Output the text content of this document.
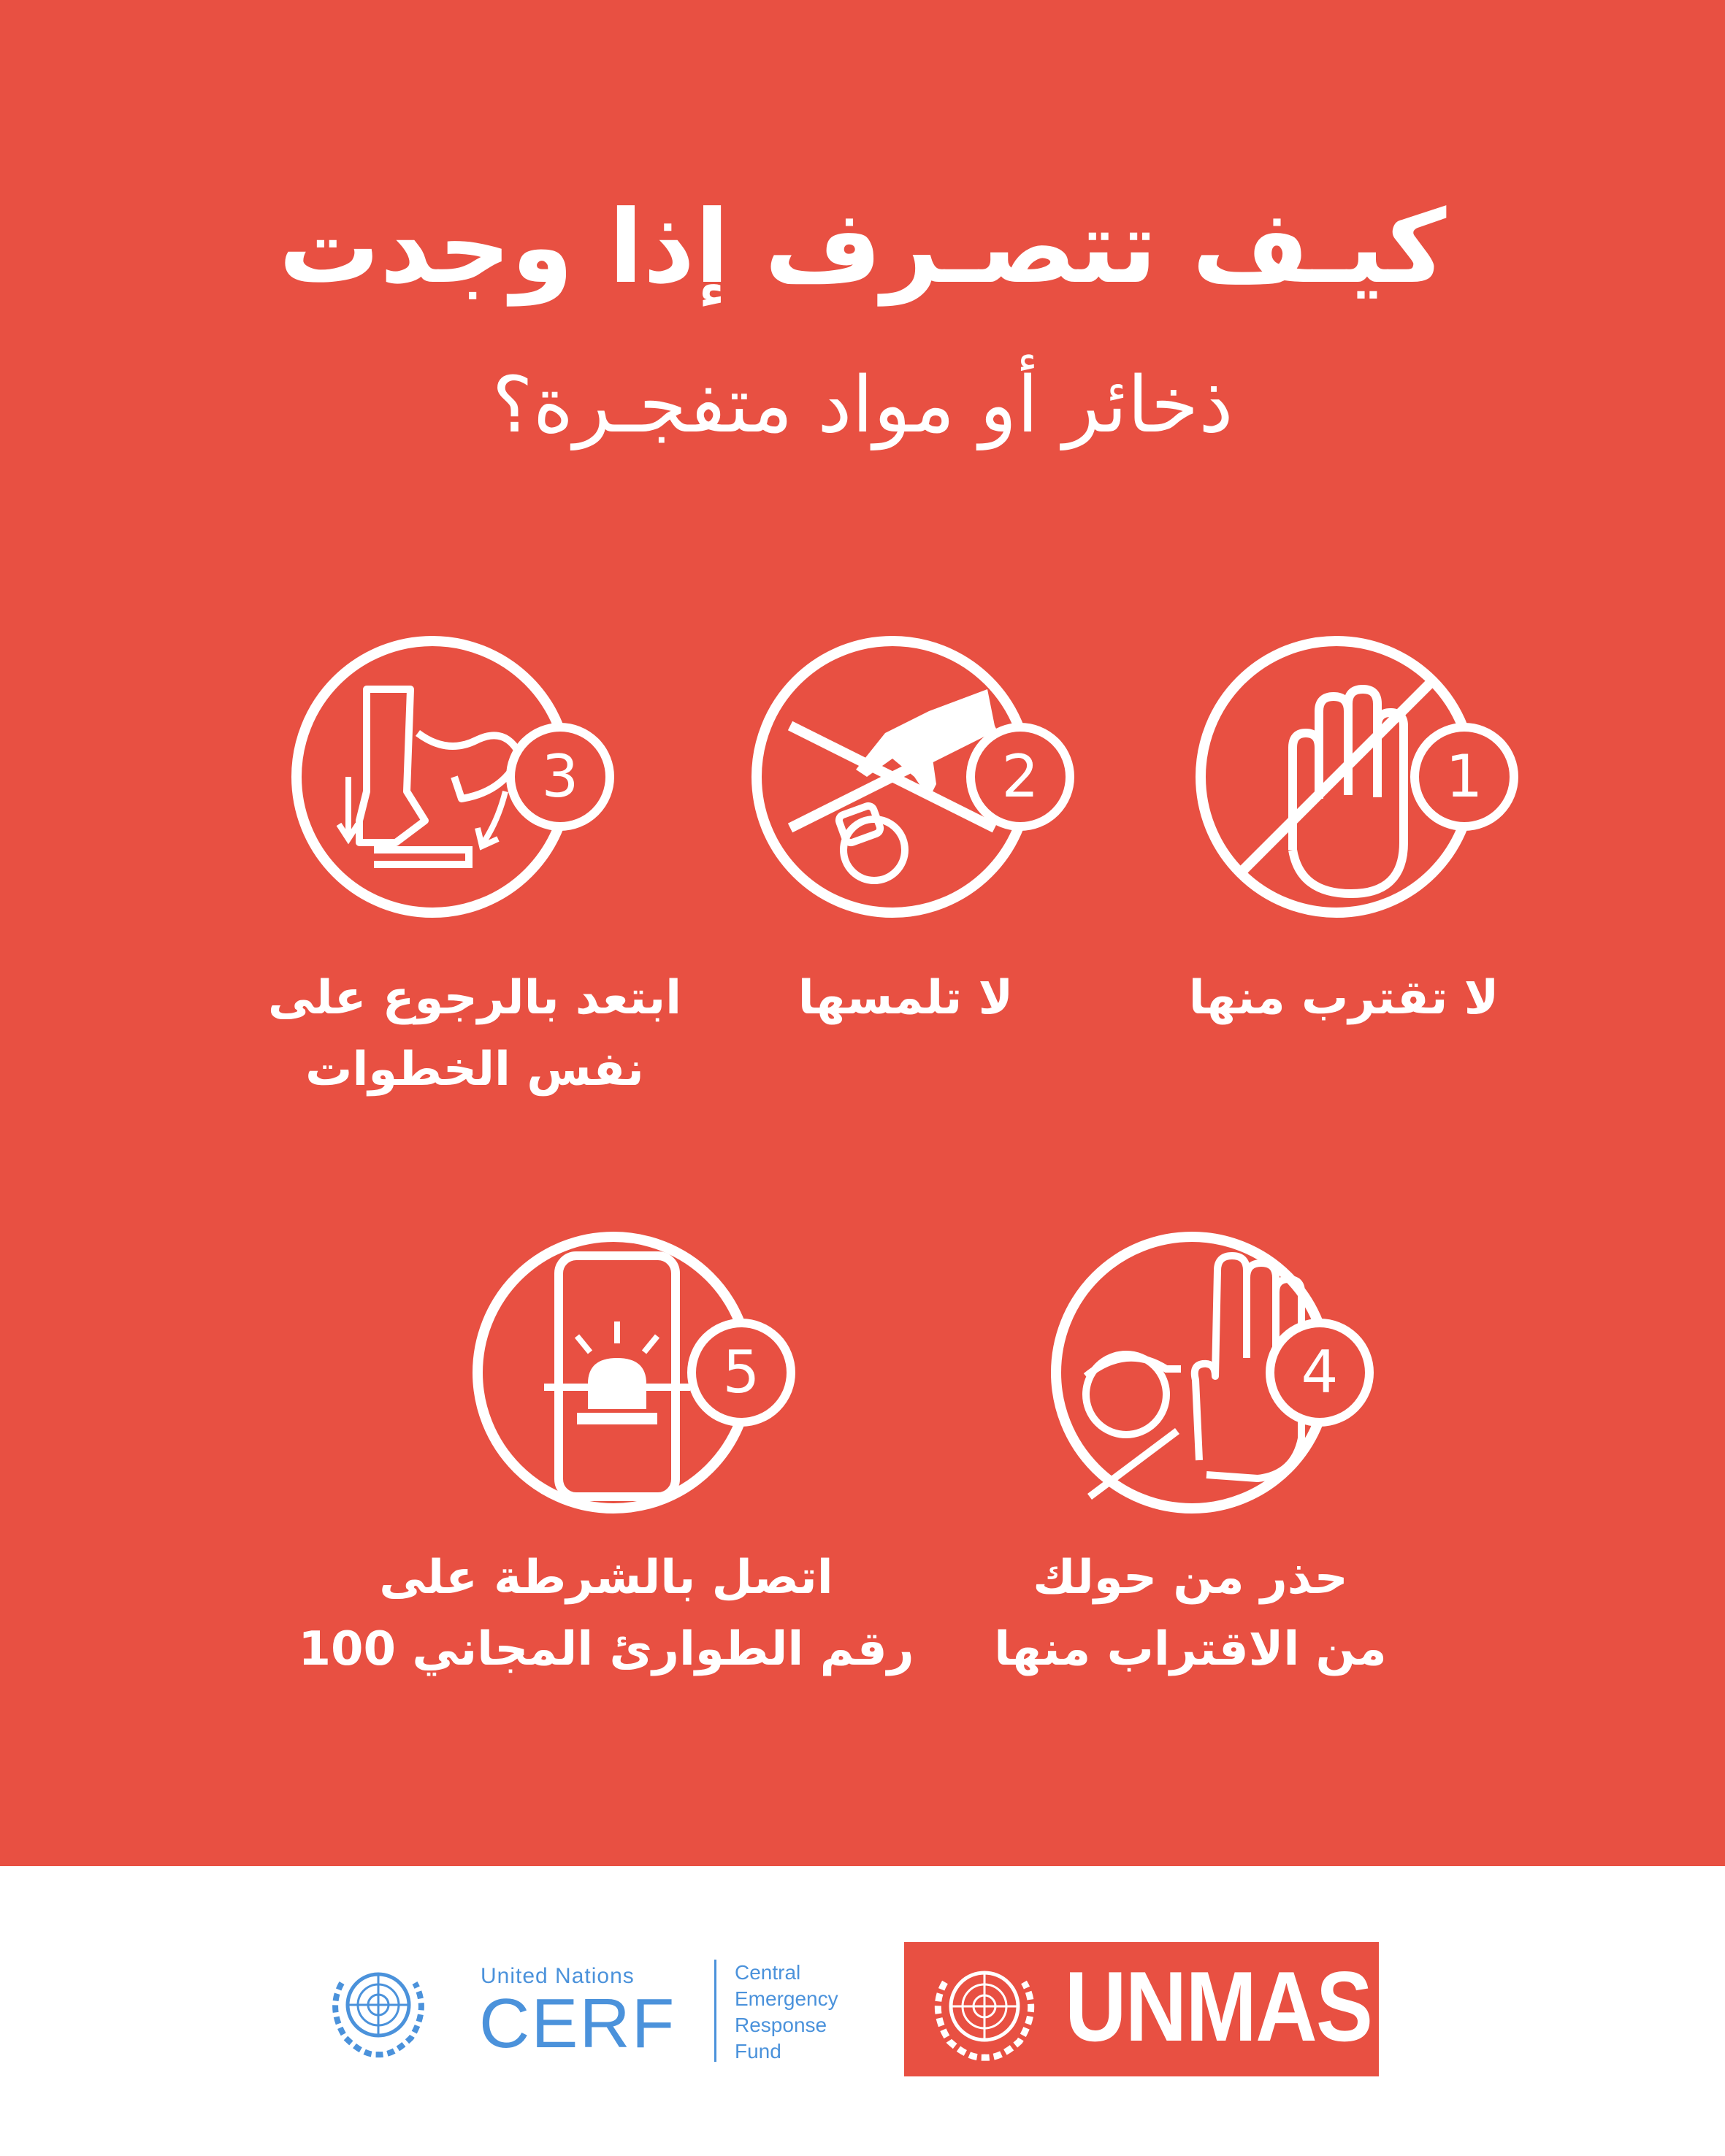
كيـف تتصـرف إذا وجدت
ذخائر أو مواد متفجـرة؟
1
لا تقترب منها
2
لا تلمسها
3
ابتعد بالرجوع على
نفس الخطوات
4
حذر من حولك
من الاقتراب منها
5
اتصل بالشرطة على
رقم الطوارئ المجاني 100
United Nations
CERF
Central
Emergency
Response
Fund	UNMAS
